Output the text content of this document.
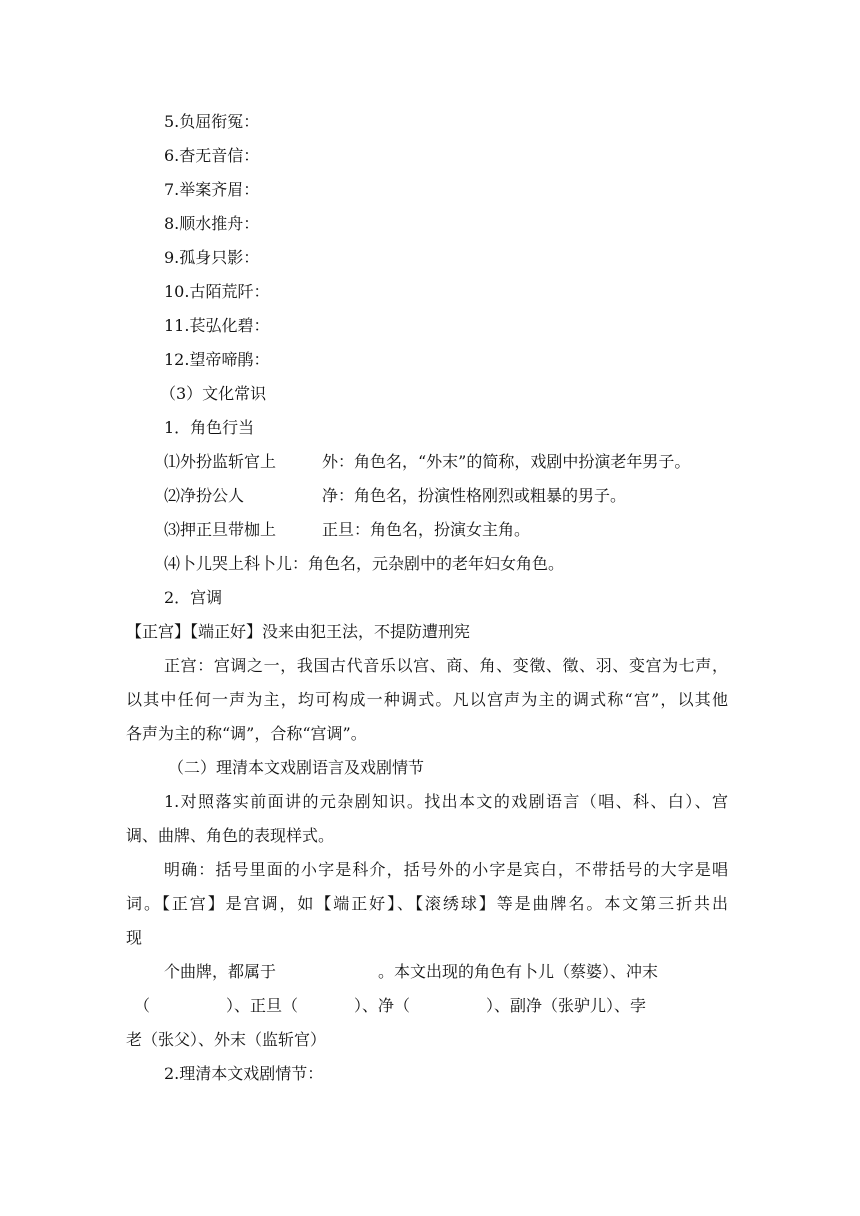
5.负屈衔冤：
6.杳无音信：
7.举案齐眉：
8.顺水推舟：
9.孤身只影：
10.古陌荒阡：
11.苌弘化碧：
12.望帝啼鹃：
（3）文化常识
1．角色行当
⑴外扮监斩官上	外：角色名，“外末”的简称，戏剧中扮演老年男子。
⑵净扮公人	净：角色名，扮演性格刚烈或粗暴的男子。
⑶押正旦带枷上	正旦：角色名，扮演女主角。
⑷卜儿哭上科卜儿：角色名，元杂剧中的老年妇女角色。
2．宫调
【正宫】【端正好】没来由犯王法，不提防遭刑宪
正宫：宫调之一，我国古代音乐以宫、商、角、变徵、徵、羽、变宫为七声，
以其中任何一声为主，均可构成一种调式。凡以宫声为主的调式称“宫”，以其他
各声为主的称“调”，合称“宫调”。
（二）理清本文戏剧语言及戏剧情节
1.对照落实前面讲的元杂剧知识。找出本文的戏剧语言（唱、科、白）、宫
调、曲牌、角色的表现样式。
明确：括号里面的小字是科介，括号外的小字是宾白，不带括号的大字是唱
词。【正宫】是宫调，如【端正好】、【滚绣球】等是曲牌名。本文第三折共出
现
个曲牌，都属于	。本文出现的角色有卜儿（蔡婆）、冲末
（	）、正旦（	）、净（	）、副净（张驴儿）、孛
老（张父）、外末（监斩官）
2.理清本文戏剧情节：
